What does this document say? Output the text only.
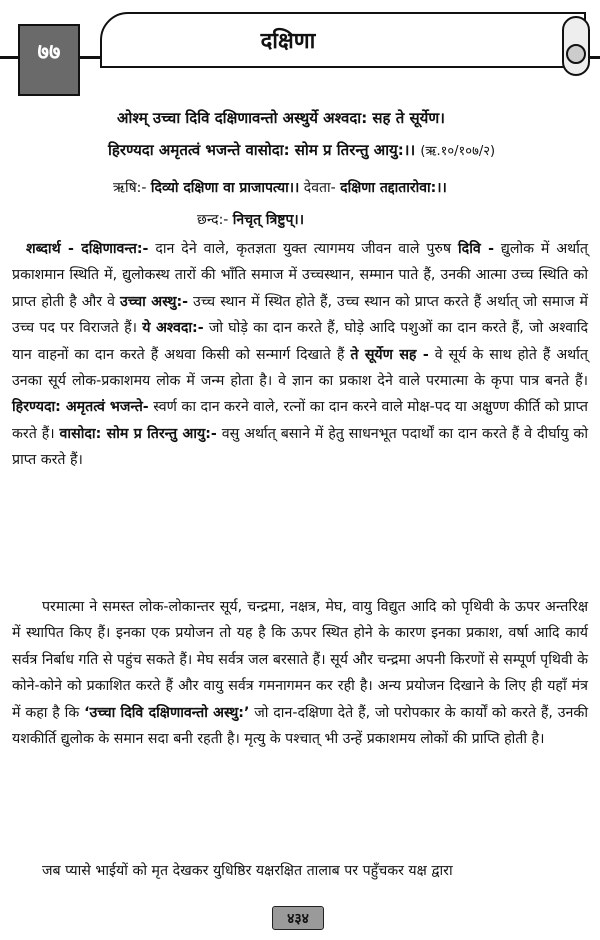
७७	दक्षिणा
ओश्म् उच्चा दिवि दक्षिणावन्तो अस्थुर्ये अश्वदा: सह ते सूर्येण।
हिरण्यदा अमृतत्वं भजन्ते वासोदा: सोम प्र तिरन्तु आयु:।। (ऋ.१०/१०७/२)
ऋषि:- दिव्यो दक्षिणा वा प्राजापत्या।। देवता- दक्षिणा तद्दातारोवा:।।
छन्द:- निचृत् त्रिष्टुप्।।
शब्दार्थ - दक्षिणावन्त:- दान देने वाले, कृतज्ञता युक्त त्यागमय जीवन वाले पुरुष दिवि - द्युलोक में अर्थात् प्रकाशमान स्थिति में, द्युलोकस्थ तारों की भाँति समाज में उच्चस्थान, सम्मान पाते हैं, उनकी आत्मा उच्च स्थिति को प्राप्त होती है और वे उच्चा अस्थु:- उच्च स्थान में स्थित होते हैं, उच्च स्थान को प्राप्त करते हैं अर्थात् जो समाज में उच्च पद पर विराजते हैं। ये अश्वदा:- जो घोड़े का दान करते हैं, घोड़े आदि पशुओं का दान करते हैं, जो अश्वादि यान वाहनों का दान करते हैं अथवा किसी को सन्मार्ग दिखाते हैं ते सूर्येण सह - वे सूर्य के साथ होते हैं अर्थात् उनका सूर्य लोक-प्रकाशमय लोक में जन्म होता है। वे ज्ञान का प्रकाश देने वाले परमात्मा के कृपा पात्र बनते हैं। हिरण्यदा: अमृतत्वं भजन्ते- स्वर्ण का दान करने वाले, रत्नों का दान करने वाले मोक्ष-पद या अक्षुण्ण कीर्ति को प्राप्त करते हैं। वासोदा: सोम प्र तिरन्तु आयु:- वसु अर्थात् बसाने में हेतु साधनभूत पदार्थों का दान करते हैं वे दीर्घायु को प्राप्त करते हैं।
परमात्मा ने समस्त लोक-लोकान्तर सूर्य, चन्द्रमा, नक्षत्र, मेघ, वायु विद्युत आदि को पृथिवी के ऊपर अन्तरिक्ष में स्थापित किए हैं। इनका एक प्रयोजन तो यह है कि ऊपर स्थित होने के कारण इनका प्रकाश, वर्षा आदि कार्य सर्वत्र निर्बाध गति से पहुंच सकते हैं। मेघ सर्वत्र जल बरसाते हैं। सूर्य और चन्द्रमा अपनी किरणों से सम्पूर्ण पृथिवी के कोने-कोने को प्रकाशित करते हैं और वायु सर्वत्र गमनागमन कर रही है। अन्य प्रयोजन दिखाने के लिए ही यहाँ मंत्र में कहा है कि ‘उच्चा दिवि दक्षिणावन्तो अस्थु:’ जो दान-दक्षिणा देते हैं, जो परोपकार के कार्यों को करते हैं, उनकी यशकीर्ति द्युलोक के समान सदा बनी रहती है। मृत्यु के पश्चात् भी उन्हें प्रकाशमय लोकों की प्राप्ति होती है।
जब प्यासे भाईयों को मृत देखकर युधिष्ठिर यक्षरक्षित तालाब पर पहुँचकर यक्ष द्वारा
४३४
